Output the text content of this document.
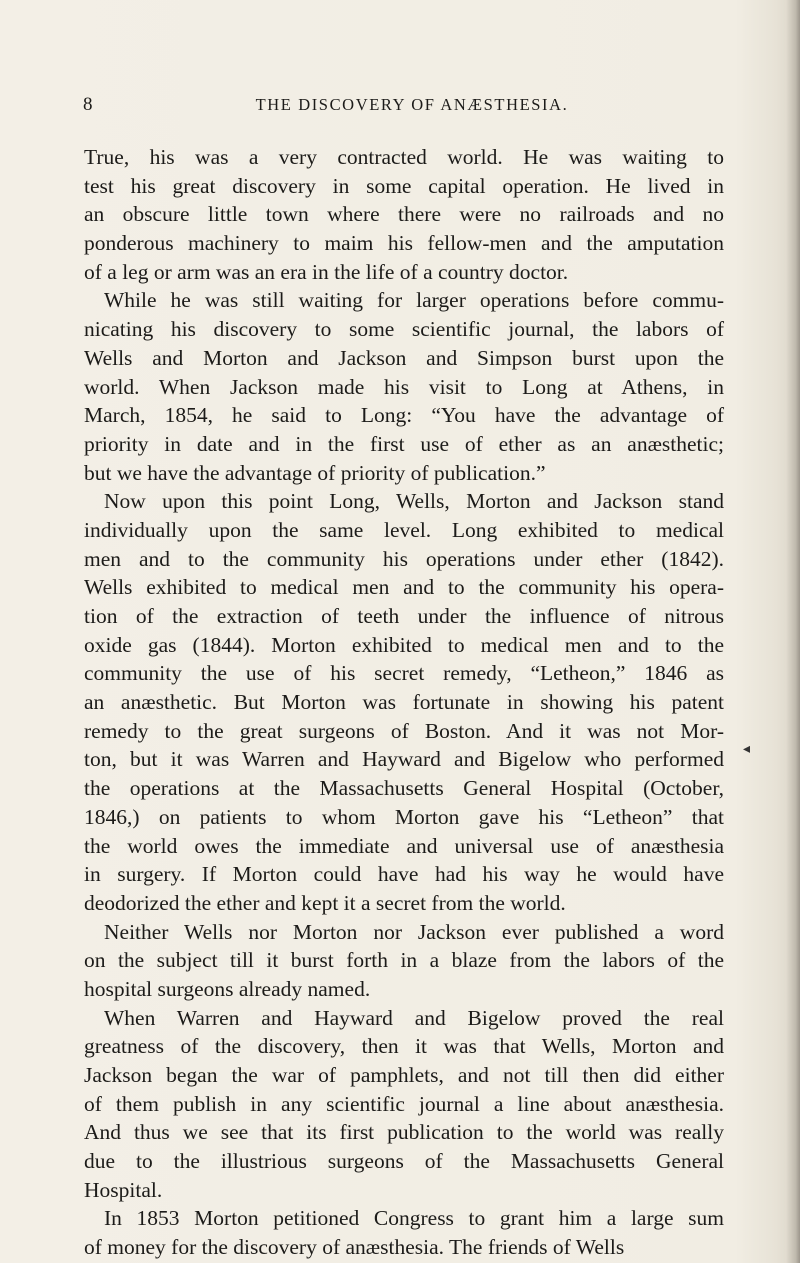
8	THE DISCOVERY OF ANÆSTHESIA.
True, his was a very contracted world. He was waiting to
test his great discovery in some capital operation. He lived in
an obscure little town where there were no railroads and no
ponderous machinery to maim his fellow-men and the amputation
of a leg or arm was an era in the life of a country doctor.
While he was still waiting for larger operations before commu-
nicating his discovery to some scientific journal, the labors of
Wells and Morton and Jackson and Simpson burst upon the
world. When Jackson made his visit to Long at Athens, in
March, 1854, he said to Long: “You have the advantage of
priority in date and in the first use of ether as an anæsthetic;
but we have the advantage of priority of publication.”
Now upon this point Long, Wells, Morton and Jackson stand
individually upon the same level. Long exhibited to medical
men and to the community his operations under ether (1842).
Wells exhibited to medical men and to the community his opera-
tion of the extraction of teeth under the influence of nitrous
oxide gas (1844). Morton exhibited to medical men and to the
community the use of his secret remedy, “Letheon,” 1846 as
an anæsthetic. But Morton was fortunate in showing his patent
remedy to the great surgeons of Boston. And it was not Mor-
ton, but it was Warren and Hayward and Bigelow who performed
the operations at the Massachusetts General Hospital (October,
1846,) on patients to whom Morton gave his “Letheon” that
the world owes the immediate and universal use of anæsthesia
in surgery. If Morton could have had his way he would have
deodorized the ether and kept it a secret from the world.
Neither Wells nor Morton nor Jackson ever published a word
on the subject till it burst forth in a blaze from the labors of the
hospital surgeons already named.
When Warren and Hayward and Bigelow proved the real
greatness of the discovery, then it was that Wells, Morton and
Jackson began the war of pamphlets, and not till then did either
of them publish in any scientific journal a line about anæsthesia.
And thus we see that its first publication to the world was really
due to the illustrious surgeons of the Massachusetts General
Hospital.
In 1853 Morton petitioned Congress to grant him a large sum
of money for the discovery of anæsthesia. The friends of Wells
◂
